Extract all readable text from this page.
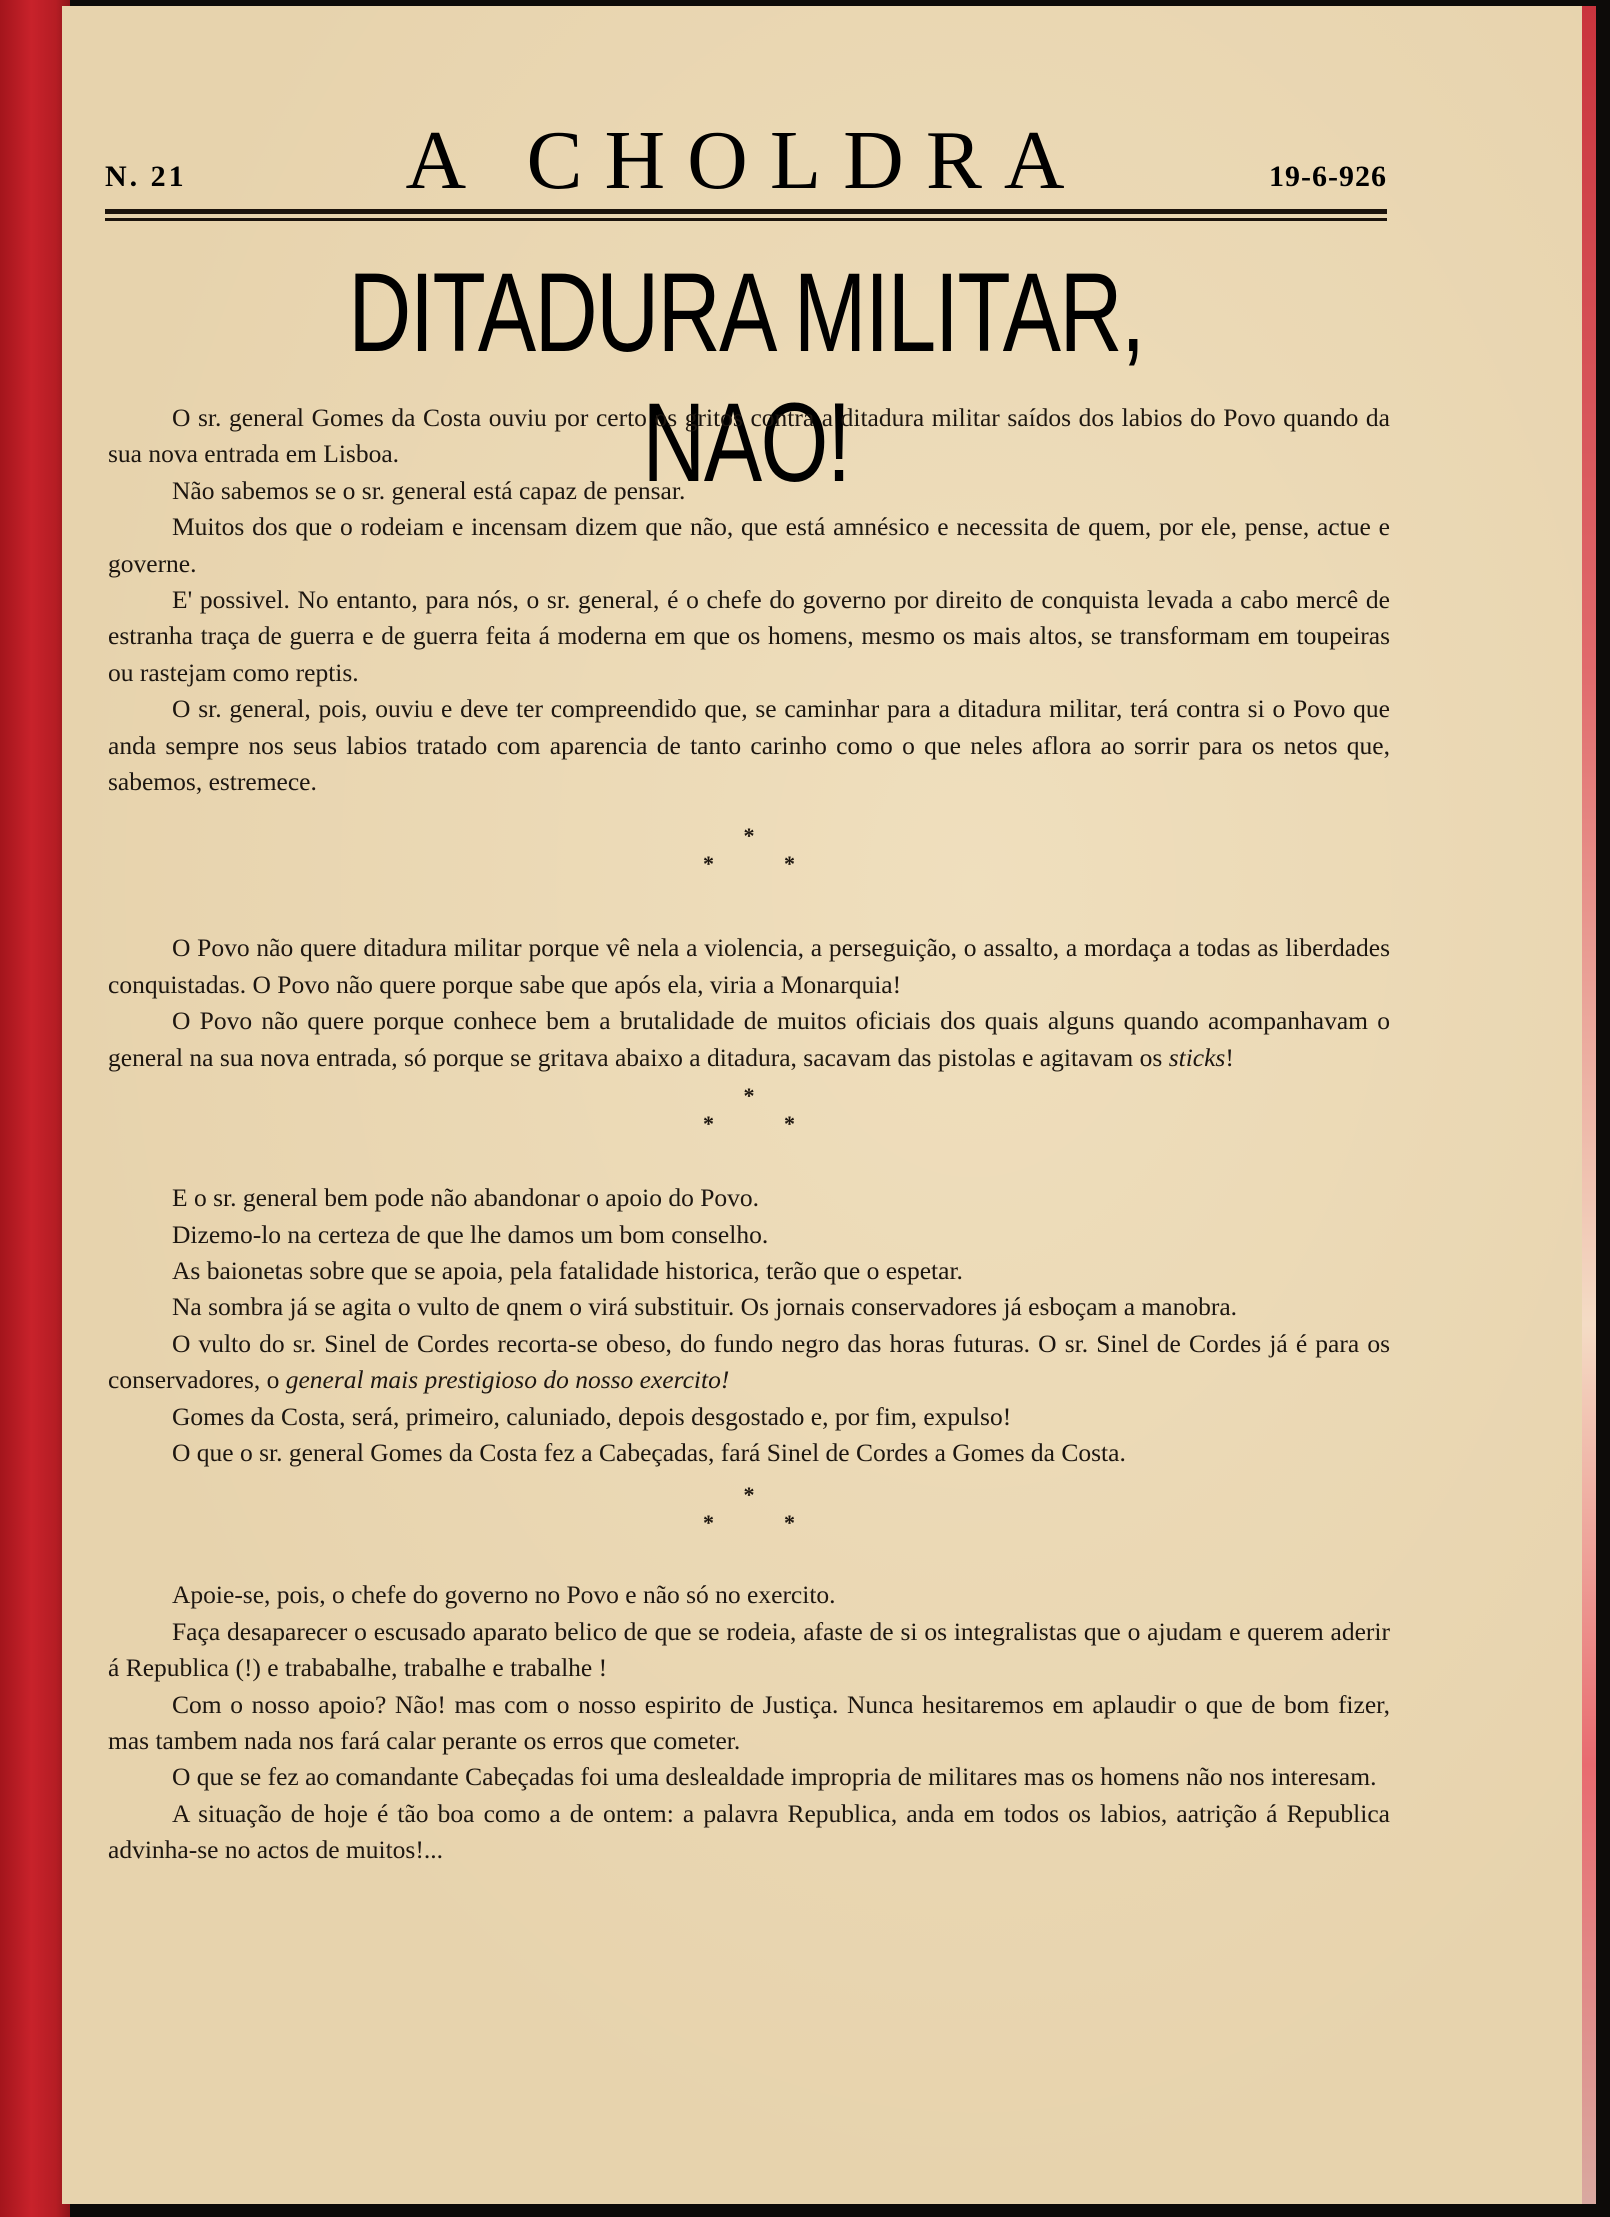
N. 21	A CHOLDRA	19-6-926
DITADURA MILITAR, NAO!

O sr. general Gomes da Costa ouviu por certo os gritos contra a ditadura militar saídos dos labios do Povo quando da sua nova entrada em Lisboa.

Não sabemos se o sr. general está capaz de pensar.

Muitos dos que o rodeiam e incensam dizem que não, que está amnésico e necessita de quem, por ele, pense, actue e governe.

E' possivel. No entanto, para nós, o sr. general, é o chefe do governo por direito de conquista levada a cabo mercê de estranha traça de guerra e de guerra feita á moderna em que os homens, mesmo os mais altos, se transformam em toupeiras ou rastejam como reptis.

O sr. general, pois, ouviu e deve ter compreendido que, se caminhar para a ditadura militar, terá contra si o Povo que anda sempre nos seus labios tratado com aparencia de tanto carinho como o que neles aflora ao sorrir para os netos que, sabemos, estremece.

*
**

O Povo não quere ditadura militar porque vê nela a violencia, a perseguição, o assalto, a mordaça a todas as liberdades conquistadas. O Povo não quere porque sabe que após ela, viria a Monarquia!

O Povo não quere porque conhece bem a brutalidade de muitos oficiais dos quais alguns quando acompanhavam o general na sua nova entrada, só porque se gritava abaixo a ditadura, sacavam das pistolas e agitavam os sticks!

*
**

E o sr. general bem pode não abandonar o apoio do Povo.

Dizemo-lo na certeza de que lhe damos um bom conselho.

As baionetas sobre que se apoia, pela fatalidade historica, terão que o espetar.

Na sombra já se agita o vulto de qnem o virá substituir. Os jornais conservadores já esboçam a manobra.

O vulto do sr. Sinel de Cordes recorta-se obeso, do fundo negro das horas futuras. O sr. Sinel de Cordes já é para os conservadores, o general mais prestigioso do nosso exercito!

Gomes da Costa, será, primeiro, caluniado, depois desgostado e, por fim, expulso!

O que o sr. general Gomes da Costa fez a Cabeçadas, fará Sinel de Cordes a Gomes da Costa.

*
**

Apoie-se, pois, o chefe do governo no Povo e não só no exercito.

Faça desaparecer o escusado aparato belico de que se rodeia, afaste de si os integralistas que o ajudam e querem aderir á Republica (!) e trababalhe, trabalhe e trabalhe !

Com o nosso apoio? Não! mas com o nosso espirito de Justiça. Nunca hesitaremos em aplaudir o que de bom fizer, mas tambem nada nos fará calar perante os erros que cometer.

O que se fez ao comandante Cabeçadas foi uma deslealdade impropria de militares mas os homens não nos interesam.

A situação de hoje é tão boa como a de ontem: a palavra Republica, anda em todos os labios, aatrição á Republica advinha-se no actos de muitos!...
